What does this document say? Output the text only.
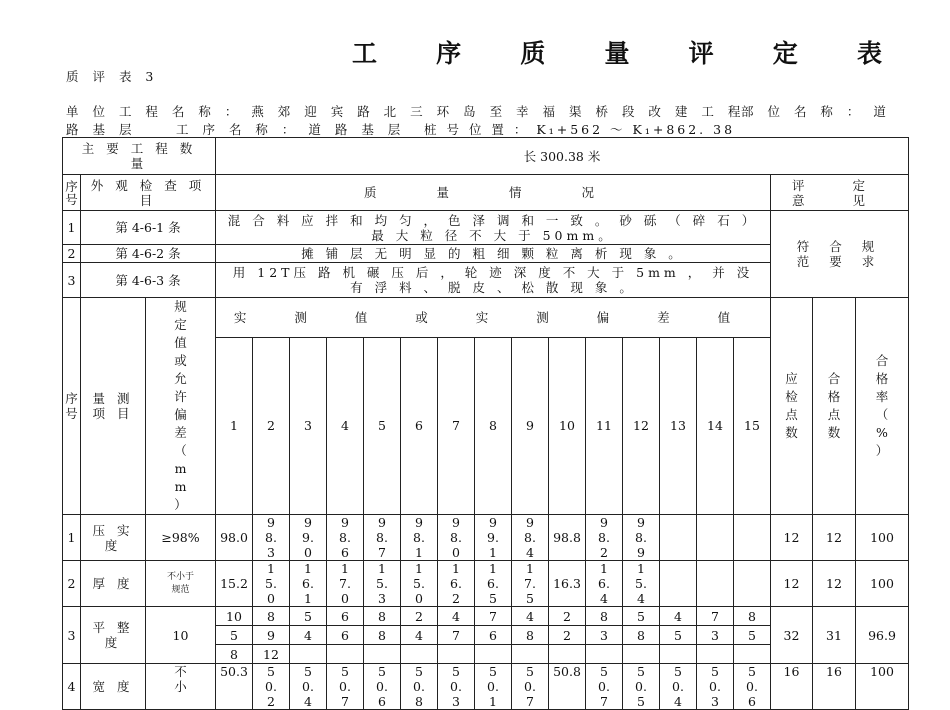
工 序 质 量 评 定 表
质 评 表 3
单 位 工 程 名 称 ： 燕 郊 迎 宾 路 北 三 环 岛 至 幸 福 渠 桥 段 改 建 工 程
部 位 名 称 ： 道
路 基 层	工 序 名 称 ： 道 路 基 层 桩 号 位 置 ： K₁+562 ～ K₁+862. 38
主 要 工 程 数 量			长 300.38 米																	
序号	外 观 检 查 项 目		质 量 情 况															评 定 意 见		
1	第 4-6-1 条		混 合 料 应 拌 和 均 匀 ， 色 泽 调 和 一 致 。 砂 砾 （ 碎 石 ） 最 大 粒 径 不 大 于 50mm。															符 合 规 范 要 求		
2	第 4-6-2 条		摊 铺 层 无 明 显 的 粗 细 颗 粒 离 析 现 象 。																	
3	第 4-6-3 条		用 12T压 路 机 碾 压 后 ， 轮 迹 深 度 不 大 于 5mm ， 并 没 有 浮 料 、 脱 皮 、 松 散 现 象 。																	
序号	量 测 项 目	规定值或允许偏差（ mm ）	实 测 值 或 实 测 偏 差 值															应检点数	合格点数	合格率（ % ）
			1	2	3	4	5	6	7	8	9	10	11	12	13	14	15			
1	压 实 度	≥98%	98.0	98.3	99.0	98.6	98.7	98.1	98.0	99.1	98.4	98.8	98.2	98.9				12	12	100
2	厚 度	不小于规范	15.2	15.0	16.1	17.0	15.3	15.0	16.2	16.5	17.5	16.3	16.4	15.4				12	12	100
3	平 整 度	10	10	8	5	6	8	2	4	7	4	2	8	5	4	7	8	32	31	96.9
			5	9	4	6	8	4	7	6	8	2	3	8	5	3	5			
			8	12																
4	宽 度	不小	50.3	50.2	50.4	50.7	50.6	50.8	50.3	50.1	50.7	50.8	50.7	50.5	50.4	50.3	50.6	16	16	100
